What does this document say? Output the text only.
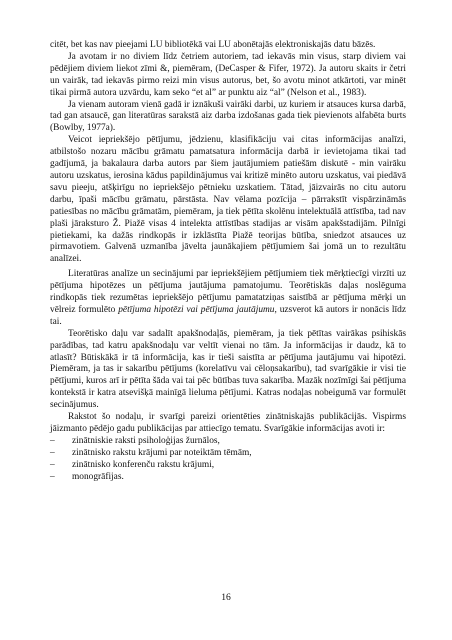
citēt, bet kas nav pieejami LU bibliotēkā vai LU abonētajās elektroniskajās datu bāzēs.

Ja avotam ir no diviem līdz četriem autoriem, tad iekavās min visus, starp diviem vai pēdējiem diviem liekot zīmi &, piemēram, (DeCasper & Fifer, 1972). Ja autoru skaits ir četri un vairāk, tad iekavās pirmo reizi min visus autorus, bet, šo avotu minot atkārtoti, var minēt tikai pirmā autora uzvārdu, kam seko “et al” ar punktu aiz “al” (Nelson et al., 1983).

Ja vienam autoram vienā gadā ir iznākuši vairāki darbi, uz kuriem ir atsauces kursa darbā, tad gan atsaucē, gan literatūras sarakstā aiz darba izdošanas gada tiek pievienots alfabēta burts (Bowlby, 1977a).

Veicot iepriekšējo pētījumu, jēdzienu, klasifikāciju vai citas informācijas analīzi, atbilstošo nozaru mācību grāmatu pamatsatura informācija darbā ir ievietojama tikai tad gadījumā, ja bakalaura darba autors par šiem jautājumiem patiešām diskutē - min vairāku autoru uzskatus, ierosina kādus papildinājumus vai kritizē minēto autoru uzskatus, vai piedāvā savu pieeju, atšķirīgu no iepriekšējo pētnieku uzskatiem. Tātad, jāizvairās no citu autoru darbu, īpaši mācību grāmatu, pārstāsta. Nav vēlama pozīcija – pārrakstīt vispārzināmās patiesības no mācību grāmatām, piemēram, ja tiek pētīta skolēnu intelektuālā attīstība, tad nav plaši jāraksturo Ž. Piažē visas 4 intelekta attīstības stadijas ar visām apakšstadijām. Pilnīgi pietiekami, ka dažās rindkopās ir izklāstīta Piažē teorijas būtība, sniedzot atsauces uz pirmavotiem. Galvenā uzmanība jāvelta jaunākajiem pētījumiem šai jomā un to rezultātu analīzei.

Literatūras analīze un secinājumi par iepriekšējiem pētījumiem tiek mērķtiecīgi virzīti uz pētījuma hipotēzes un pētījuma jautājuma pamatojumu. Teorētiskās daļas noslēguma rindkopās tiek rezumētas iepriekšējo pētījumu pamatatziņas saistībā ar pētījuma mērķi un vēlreiz formulēto pētījuma hipotēzi vai pētījuma jautājumu, uzsverot kā autors ir nonācis līdz tai.

Teorētisko daļu var sadalīt apakšnodaļās, piemēram, ja tiek pētītas vairākas psihiskās parādības, tad katru apakšnodaļu var veltīt vienai no tām. Ja informācijas ir daudz, kā to atlasīt? Būtiskākā ir tā informācija, kas ir tieši saistīta ar pētījuma jautājumu vai hipotēzi. Piemēram, ja tas ir sakarību pētījums (korelatīvu vai cēloņsakarību), tad svarīgākie ir visi tie pētījumi, kuros arī ir pētīta šāda vai tai pēc būtības tuva sakarība. Mazāk nozīmīgi šai pētījuma kontekstā ir katra atsevišķā mainīgā lieluma pētījumi. Katras nodaļas nobeigumā var formulēt secinājumus.

Rakstot šo nodaļu, ir svarīgi pareizi orientēties zinātniskajās publikācijās. Vispirms jāizmanto pēdējo gadu publikācijas par attiecīgo tematu. Svarīgākie informācijas avoti ir:

– zinātniskie raksti psiholoģijas žurnālos,
– zinātnisko rakstu krājumi par noteiktām tēmām,
– zinātnisko konferenču rakstu krājumi,
– monogrāfijas.
16
